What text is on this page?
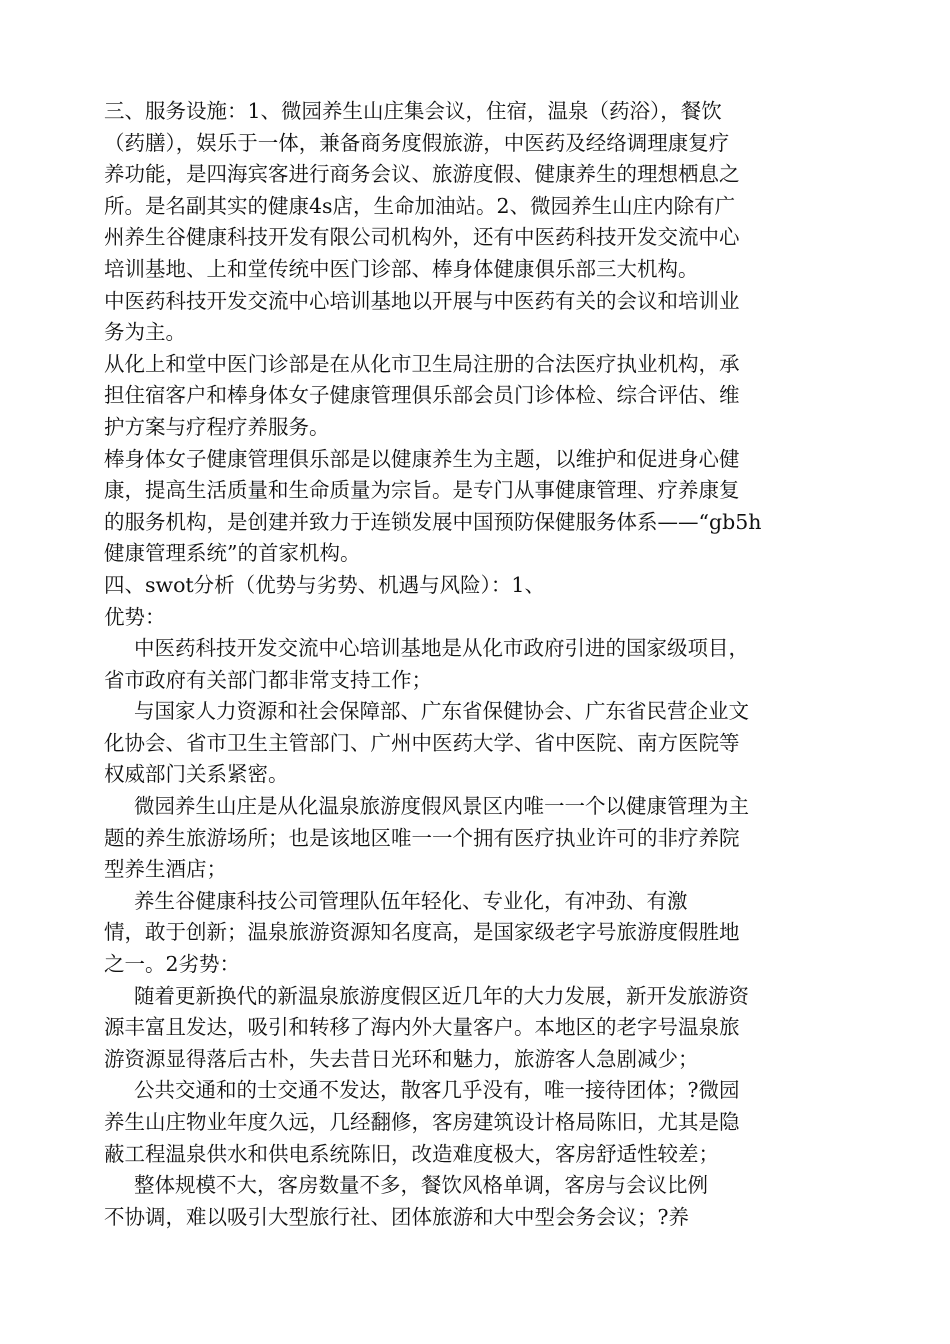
三、服务设施：1、微园养生山庄集会议，住宿，温泉（药浴），餐饮
（药膳），娱乐于一体，兼备商务度假旅游，中医药及经络调理康复疗
养功能，是四海宾客进行商务会议、旅游度假、健康养生的理想栖息之
所。是名副其实的健康4s店，生命加油站。2、微园养生山庄内除有广
州养生谷健康科技开发有限公司机构外，还有中医药科技开发交流中心
培训基地、上和堂传统中医门诊部、棒身体健康俱乐部三大机构。
中医药科技开发交流中心培训基地以开展与中医药有关的会议和培训业
务为主。
从化上和堂中医门诊部是在从化市卫生局注册的合法医疗执业机构，承
担住宿客户和棒身体女子健康管理俱乐部会员门诊体检、综合评估、维
护方案与疗程疗养服务。
棒身体女子健康管理俱乐部是以健康养生为主题，以维护和促进身心健
康，提高生活质量和生命质量为宗旨。是专门从事健康管理、疗养康复
的服务机构，是创建并致力于连锁发展中国预防保健服务体系——“gb5h
健康管理系统”的首家机构。
四、swot分析（优势与劣势、机遇与风险）：1、
优势：
中医药科技开发交流中心培训基地是从化市政府引进的国家级项目，
省市政府有关部门都非常支持工作；
与国家人力资源和社会保障部、广东省保健协会、广东省民营企业文
化协会、省市卫生主管部门、广州中医药大学、省中医院、南方医院等
权威部门关系紧密。
微园养生山庄是从化温泉旅游度假风景区内唯一一个以健康管理为主
题的养生旅游场所；也是该地区唯一一个拥有医疗执业许可的非疗养院
型养生酒店；
养生谷健康科技公司管理队伍年轻化、专业化，有冲劲、有激
情，敢于创新；温泉旅游资源知名度高，是国家级老字号旅游度假胜地
之一。2劣势：
随着更新换代的新温泉旅游度假区近几年的大力发展，新开发旅游资
源丰富且发达，吸引和转移了海内外大量客户。本地区的老字号温泉旅
游资源显得落后古朴，失去昔日光环和魅力，旅游客人急剧减少；
公共交通和的士交通不发达，散客几乎没有，唯一接待团体；?微园
养生山庄物业年度久远，几经翻修，客房建筑设计格局陈旧，尤其是隐
蔽工程温泉供水和供电系统陈旧，改造难度极大，客房舒适性较差；
整体规模不大，客房数量不多，餐饮风格单调，客房与会议比例
不协调，难以吸引大型旅行社、团体旅游和大中型会务会议；?养
